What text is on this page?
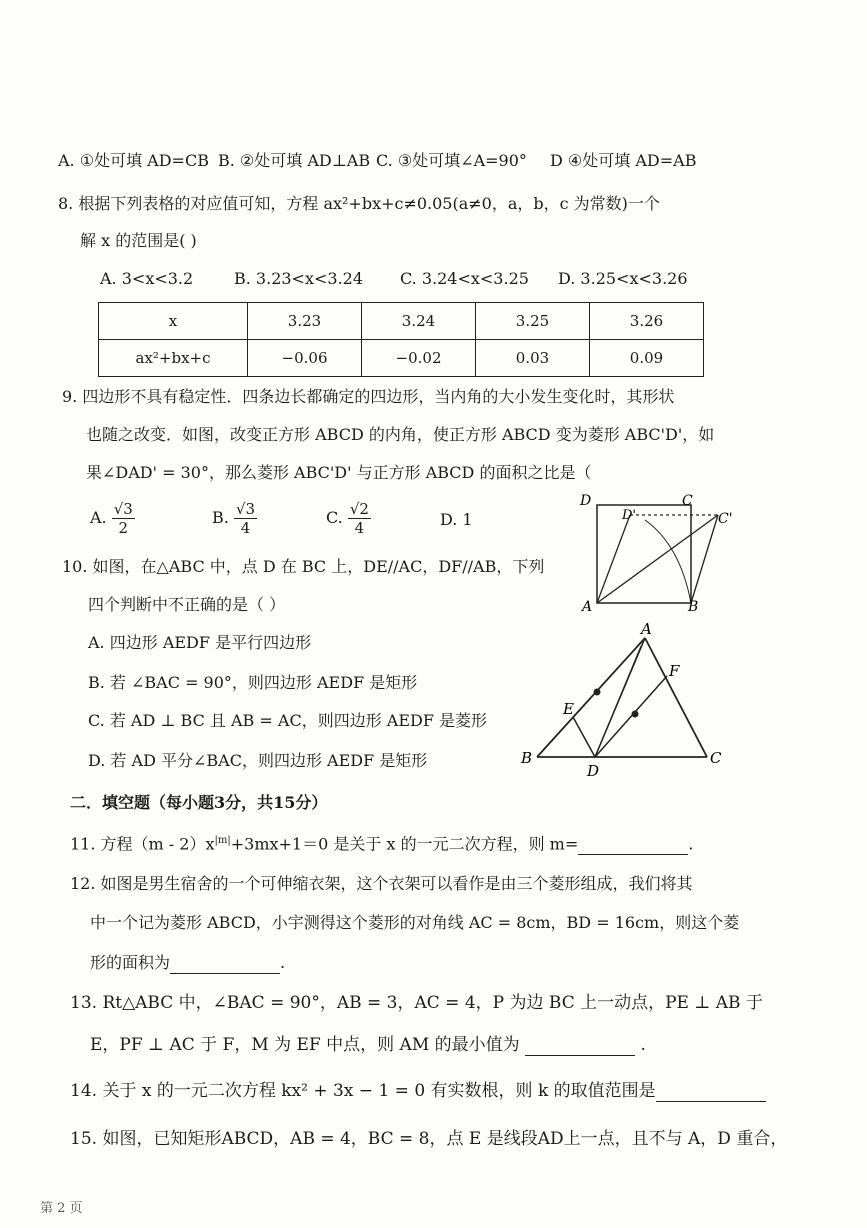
A. ①处可填 AD=CB B. ②处可填 AD⊥AB C. ③处可填∠A=90° D ④处可填 AD=AB
8. 根据下列表格的对应值可知，方程 ax²+bx+c≠0.05(a≠0，a，b，c 为常数)一个
解 x 的范围是( )
A. 3<x<3.2	B. 3.23<x<3.24 C. 3.24<x<3.25 D. 3.25<x<3.26
x	3.23	3.24	3.25	3.26
ax²+bx+c	−0.06	−0.02	0.03	0.09
9. 四边形不具有稳定性．四条边长都确定的四边形，当内角的大小发生变化时，其形状
也随之改变．如图，改变正方形 ABCD 的内角，使正方形 ABCD 变为菱形 ABC'D'，如
果∠DAD' = 30°，那么菱形 ABC'D' 与正方形 ABCD 的面积之比是（
A. $\frac{√3}{2}$	B. $\frac{√3}{4}$	C. $\frac{√2}{4}$	D. 1
D
D'
C
C'
A	B
10. 如图，在△ABC 中，点 D 在 BC 上，DE//AC，DF//AB，下列
四个判断中不正确的是（ ）
A. 四边形 AEDF 是平行四边形
B. 若 ∠BAC = 90°，则四边形 AEDF 是矩形
C. 若 AD ⊥ BC 且 AB = AC，则四边形 AEDF 是菱形
D. 若 AD 平分∠BAC，则四边形 AEDF 是矩形
A
B	C
D
E
F
二．填空题（每小题3分，共15分）
11. 方程$(m - 2)x^{|m|}+3mx+1=0$ 是关于 x 的一元二次方程，则 m=	.
12. 如图是男生宿舍的一个可伸缩衣架，这个衣架可以看作是由三个菱形组成，我们将其
中一个记为菱形 ABCD，小宇测得这个菱形的对角线 AC = 8cm，BD = 16cm，则这个菱
形的面积为	.
13. Rt△ABC 中，∠BAC = 90°，AB = 3，AC = 4，P 为边 BC 上一动点，PE ⊥ AB 于
E，PF ⊥ AC 于 F，M 为 EF 中点，则 AM 的最小值为	.
14. 关于 x 的一元二次方程 kx² + 3x − 1 = 0 有实数根，则 k 的取值范围是
15. 如图，已知矩形ABCD，AB = 4，BC = 8，点 E 是线段AD上一点，且不与 A，D 重合，
第 2 页
